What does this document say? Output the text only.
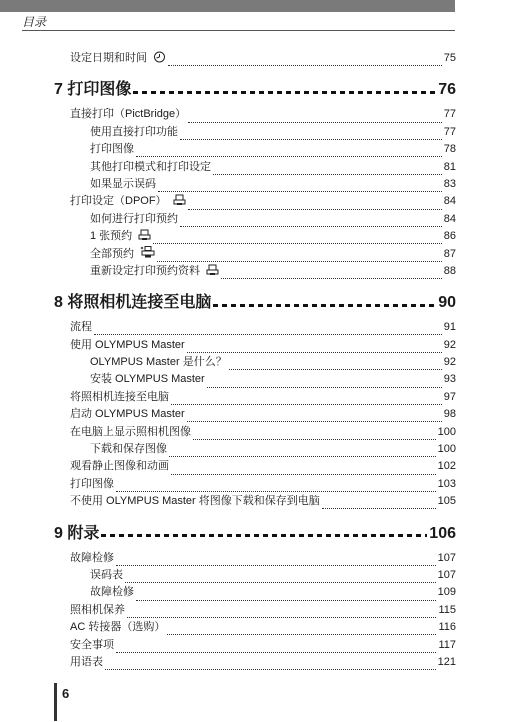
目录
设定日期和时间	75
7 打印图像	76
直接打印（PictBridge）	77
使用直接打印功能	77
打印图像	78
其他打印模式和打印设定	81
如果显示误码	83
打印设定（DPOF）	84
如何进行打印预约	84
1 张预约	86
全部预约	87
重新设定打印预约资料	88
8 将照相机连接至电脑	90
流程	91
使用 OLYMPUS Master	92
OLYMPUS Master 是什么？	92
安装 OLYMPUS Master	93
将照相机连接至电脑	97
启动 OLYMPUS Master	98
在电脑上显示照相机图像	100
下载和保存图像	100
观看静止图像和动画	102
打印图像	103
不使用 OLYMPUS Master 将图像下载和保存到电脑	105
9 附录	106
故障检修	107
误码表	107
故障检修	109
照相机保养	115
AC 转接器（选购）	116
安全事项	117
用语表	121
6
